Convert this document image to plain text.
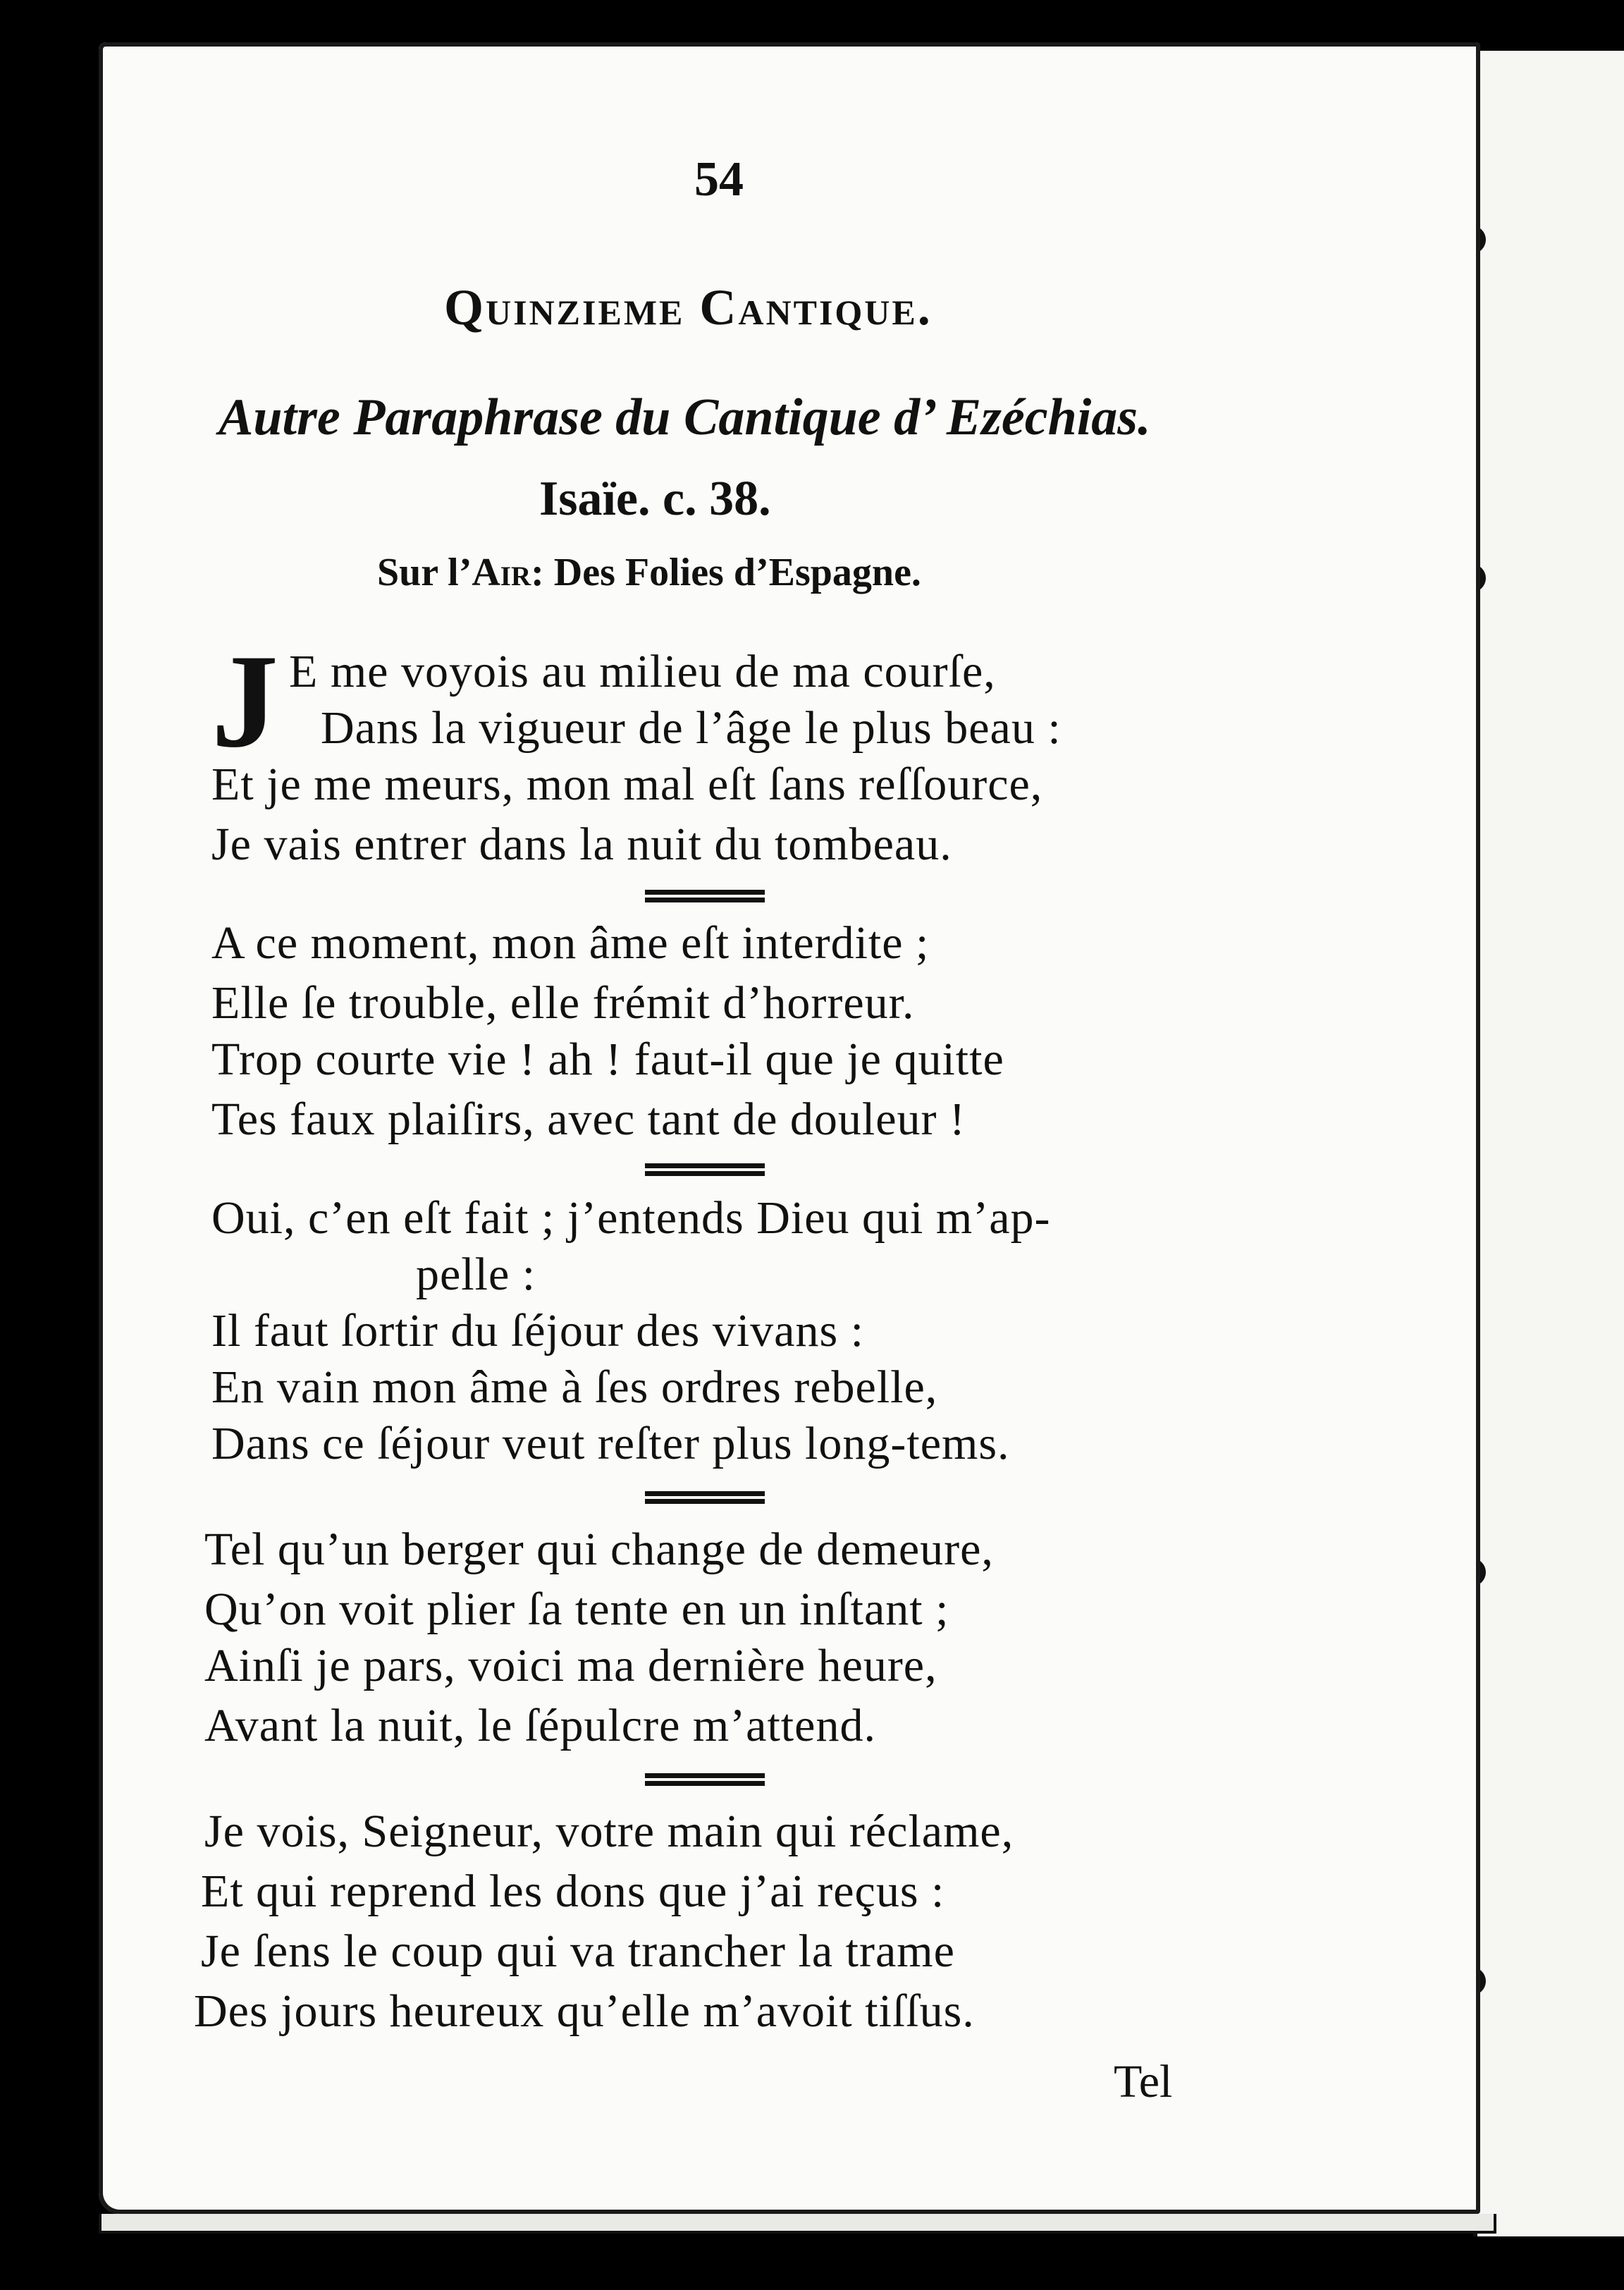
54
Quinzieme Cantique.
Autre Paraphrase du Cantique d’ Ezéchias.
Isaïe. c. 38.
Sur l’Air: Des Folies d’Espagne.
J E me voyois au milieu de ma courſe,
Dans la vigueur de l’âge le plus beau :
Et je me meurs, mon mal eſt ſans reſſource,
Je vais entrer dans la nuit du tombeau.
A ce moment, mon âme eſt interdite ;
Elle ſe trouble, elle frémit d’horreur.
Trop courte vie ! ah ! faut-il que je quitte
Tes faux plaiſirs, avec tant de douleur !
Oui, c’en eſt fait ; j’entends Dieu qui m’ap-
pelle :
Il faut ſortir du ſéjour des vivans :
En vain mon âme à ſes ordres rebelle,
Dans ce ſéjour veut reſter plus long-tems.
Tel qu’un berger qui change de demeure,
Qu’on voit plier ſa tente en un inſtant ;
Ainſi je pars, voici ma dernière heure,
Avant la nuit, le ſépulcre m’attend.
Je vois, Seigneur, votre main qui réclame,
Et qui reprend les dons que j’ai reçus :
Je ſens le coup qui va trancher la trame
Des jours heureux qu’elle m’avoit tiſſus.
Tel
